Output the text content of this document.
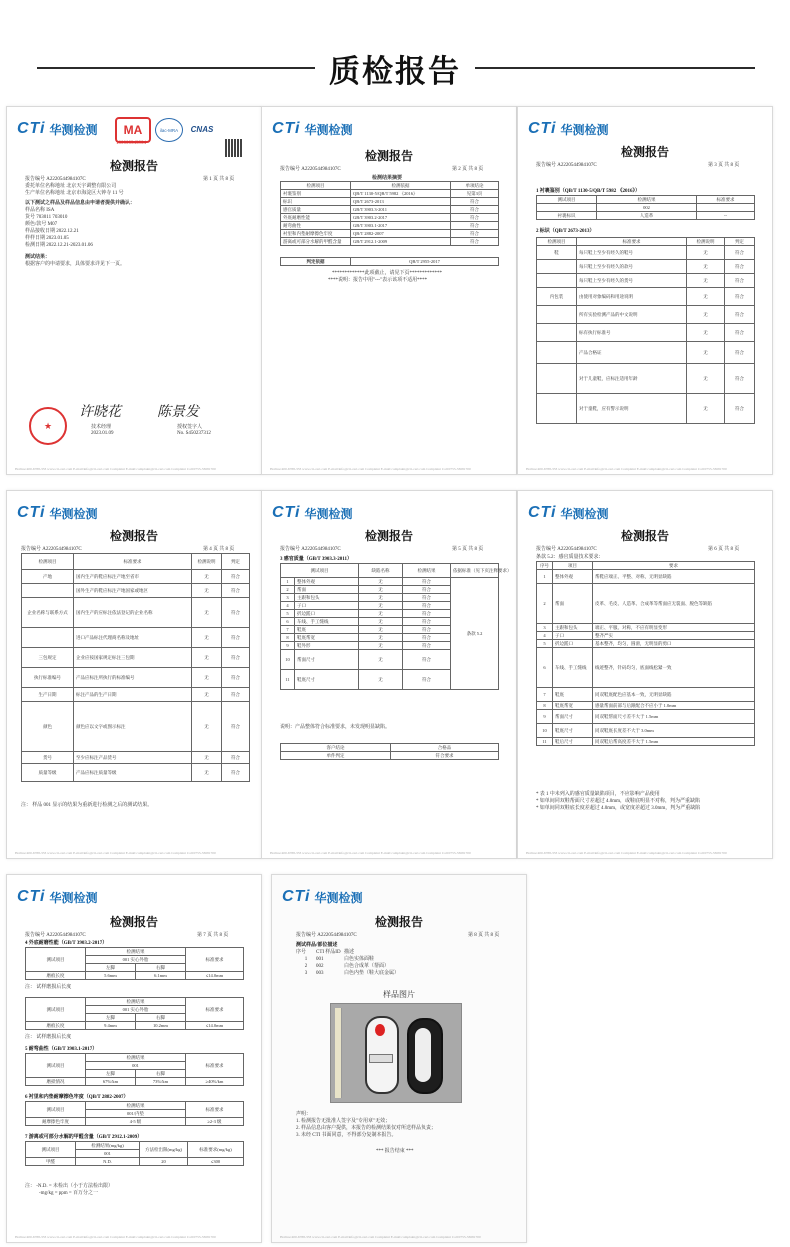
质检报告
CTi 华测检测	MA
180000343904
ilac-MRA	CNAS
检测报告
报告编号 A2220544984107C	第 1 页 共 8 页
委托单位名称地址 北京天宇调整有限公司
生产单位名称地址 北京市海淀区大钟寺 11 号
以下测试之样品及样品信息由申请者提供并确认：
样品名称 ISA
货号 703011 703010
颜色/款号 M07
样品接收日期 2022.12.21
样样日期 2023.01.05
检测日期 2022.12.21-2023.01.06
测试结果：
根据客户的申请要求，具体要求详见下一页。
★
许晓花	陈景发
技术经理	授权签字人
2023.01.09	No. S450237312
Hotline:400-6788-333 www.cti-cert.com E-mail:info@cti-cert.com Complaint E-mail:complaint@cti-cert.com Complaint Call:0755-33681700
CTi 华测检测
检测报告
报告编号 A2220544984107C	第 2 页 共 8 页
检测结果摘要
检测项目	检测依据	单项结论
衬裹鉴别	QB/T 1130-5/QB/T 5982 《2016》	见第3页
标识	QB/T 2673-2013	符合
感官质量	GB/T 3903.3-2011	符合
外底耐磨性能	GB/T 3903.2-2017	符合
耐弯曲性	GB/T 3903.1-2017	符合
衬里和内垫耐摩擦色牢度	QB/T 2882-2007	符合
游离或可部分水解的甲醛含量	GB/T 2912.1-2009	符合
判定依据	QB/T 2955-2017
*************此项截止，请见下页*************
****说明：报告中用"---"表示该项不适用****
Hotline:400-6788-333 www.cti-cert.com E-mail:info@cti-cert.com Complaint E-mail:complaint@cti-cert.com Complaint Call:0755-33681700
CTi 华测检测
检测报告
报告编号 A2220544984107C	第 3 页 共 8 页
1 衬裹鉴别（QB/T 1130-5/QB/T 5982 《2016》）
测试项目	检测结果	标准要求
	002	
衬裹标识	人造革	--
2 标识（QB/T 2673-2013）
检测项目	标准要求	检测说明	判定
鞋	每只鞋上至少有经久的鞋号	无	符合
	每只鞋上至少有经久的款号	无	符合
	每只鞋上至少有经久的货号	无	符合
内包装	由使用对象编码和用途说明	无	符合
	所有实验检测产品的中文说明	无	符合
	标有执行标准号	无	符合
	产品合格证	无	符合
	对于儿童鞋，应标注适用年龄	无	符合
	对于童鞋，应有警示说明	无	符合
Hotline:400-6788-333 www.cti-cert.com E-mail:info@cti-cert.com Complaint E-mail:complaint@cti-cert.com Complaint Call:0755-33681700
CTi 华测检测
检测报告
报告编号 A2220544984107C	第 4 页 共 8 页
检测项目	标准要求	检测说明	判定
产地	国内生产的鞋应标注产地至省市	无	符合
	国外生产的鞋应标注产地国家或地区	无	符合
企业名称与联系方式	国内生产的应标注依法登记的企业名称	无	符合
	进口产品标注代理商名称及地址	无	符合
三包规定	企业应按国家规定标注三包期	无	符合
执行标准编号	产品应标注所执行的标准编号	无	符合
生产日期	标注产品的生产日期	无	符合
颜色	颜色应以文字或图示标注	无	符合
货号	至少应标注产品货号	无	符合
质量等级	产品应标注质量等级	无	符合
注： 样品 001 显示的结果为重新进行检测之后的测试结果。
Hotline:400-6788-333 www.cti-cert.com E-mail:info@cti-cert.com Complaint E-mail:complaint@cti-cert.com Complaint Call:0755-33681700
CTi 华测检测
检测报告
报告编号 A2220544984107C	第 5 页 共 8 页
3 感官质量（GB/T 3903.3-2011）
测试项目		缺陷名称	检测结果	依据标准（见下页注释要求）
1	整体外观	无	符合	条款 5.2
2	帮面	无	符合	
3	主跟和包头	无	符合	
4	子口	无	符合	
5	折边蹉口	无	符合	
6	车线、手工缝线	无	符合	
7	鞋底	无	符合	
8	鞋底帮宽	无	符合	
9	鞋外形	无	符合	
10	帮面尺寸	无	符合	
11	鞋底尺寸	无	符合	
说明：产品整体符合标准要求，未发现明显缺陷。
客户结论	合格品
单件判定	符合要求
Hotline:400-6788-333 www.cti-cert.com E-mail:info@cti-cert.com Complaint E-mail:complaint@cti-cert.com Complaint Call:0755-33681700
CTi 华测检测
检测报告
报告编号 A2220544984107C	第 6 页 共 8 页
条款 5.2：感官质量技术要求：
序号	项目	要求
1	整体外观	帮鞋应端正、平整、对称，无明显缺陷
2	帮面	皮革、毛皮、人造革、合成革等帮面应无裂面、脱色等缺陷
3	主跟和包头	端正、平服、对称，不应有明显变形
4	子口	整齐严实
5	折边蹉口	基本整齐，均匀，圆滑，无明显的剪口
6	车线、手工缝线	线迹整齐，针码均匀，底面线松紧一致
7	鞋底	同双鞋底配色应基本一致，无明显缺陷
8	鞋底帮宽	感量帮面前部与后跟配合不应小于 1.0mm
9	帮面尺寸	同双鞋帮面尺寸差不大于 1.5mm
10	鞋底尺寸	同双鞋底长度差不大于 3.0mm
11	鞋后尺寸	同双鞋后帮高度差不大于 1.5mm
* 表 1 中未列入的感官质量缺陷项目，不应影响产品使用
* 如单间同双鞋帮面尺寸差超过 4.0mm，或鞋底明显不对称，判为严重缺陷
* 如单间同双鞋底长度差超过 4.0mm，或宽度差超过 3.0mm，判为严重缺陷
Hotline:400-6788-333 www.cti-cert.com E-mail:info@cti-cert.com Complaint E-mail:complaint@cti-cert.com Complaint Call:0755-33681700
CTi 华测检测
检测报告
报告编号 A2220544984107C	第 7 页 共 8 页
4 外底耐磨性能（GB/T 3903.2-2017）
测试项目	检测结果		标准要求
	001 实心外胎		
	左脚	右脚	
磨痕长度	5.6mm	6.1mm	≤14.0mm
注： 试样磨损后长度
测试项目	检测结果		标准要求
	001 实心外胎		
	左脚	右脚	
磨痕长度	9.4mm	10.2mm	≤14.0mm
注： 试样磨损后长度
5 耐弯曲性（GB/T 3903.1-2017）
测试项目	检测结果		标准要求
	001		
	左脚	右脚	
磨损情况	67%/km	73%/km	≥40%/km
6 衬里和内垫耐摩擦色牢度（QB/T 2882-2007）
测试项目	检测结果	标准要求
	001/内垫	
耐摩擦色牢度	4-5 级	≥2-3 级
7 游离或可部分水解的甲醛含量（GB/T 2912.1-2009）
测试项目	检测结果(mg/kg)	方法检出限(mg/kg)	标准要求(mg/kg)
	001		
甲醛	N.D.	20	≤300
注： -N.D. = 未检出（小于方法检出限）
-mg/kg = ppm = 百万分之一
Hotline:400-6788-333 www.cti-cert.com E-mail:info@cti-cert.com Complaint E-mail:complaint@cti-cert.com Complaint Call:0755-33681700
CTi 华测检测
检测报告
报告编号 A2220544984107C	第 8 页 共 8 页
测试样品/部位描述
序号 CTI 样品ID 描述
1 001	白色实体面鞋
2 002	白色合成革（帮面）
3 003	白色内垫（鞋大底金属）
样品图片
声明：
1. 检测报告无批准人签字及"专用章"无效；
2. 样品信息由客户提供，本报告的检测结果仅对所送样品负责；
3. 未经 CTI 书面同意，不得部分复制本报告。
*** 报告结束 ***
Hotline:400-6788-333 www.cti-cert.com E-mail:info@cti-cert.com Complaint E-mail:complaint@cti-cert.com Complaint Call:0755-33681700
